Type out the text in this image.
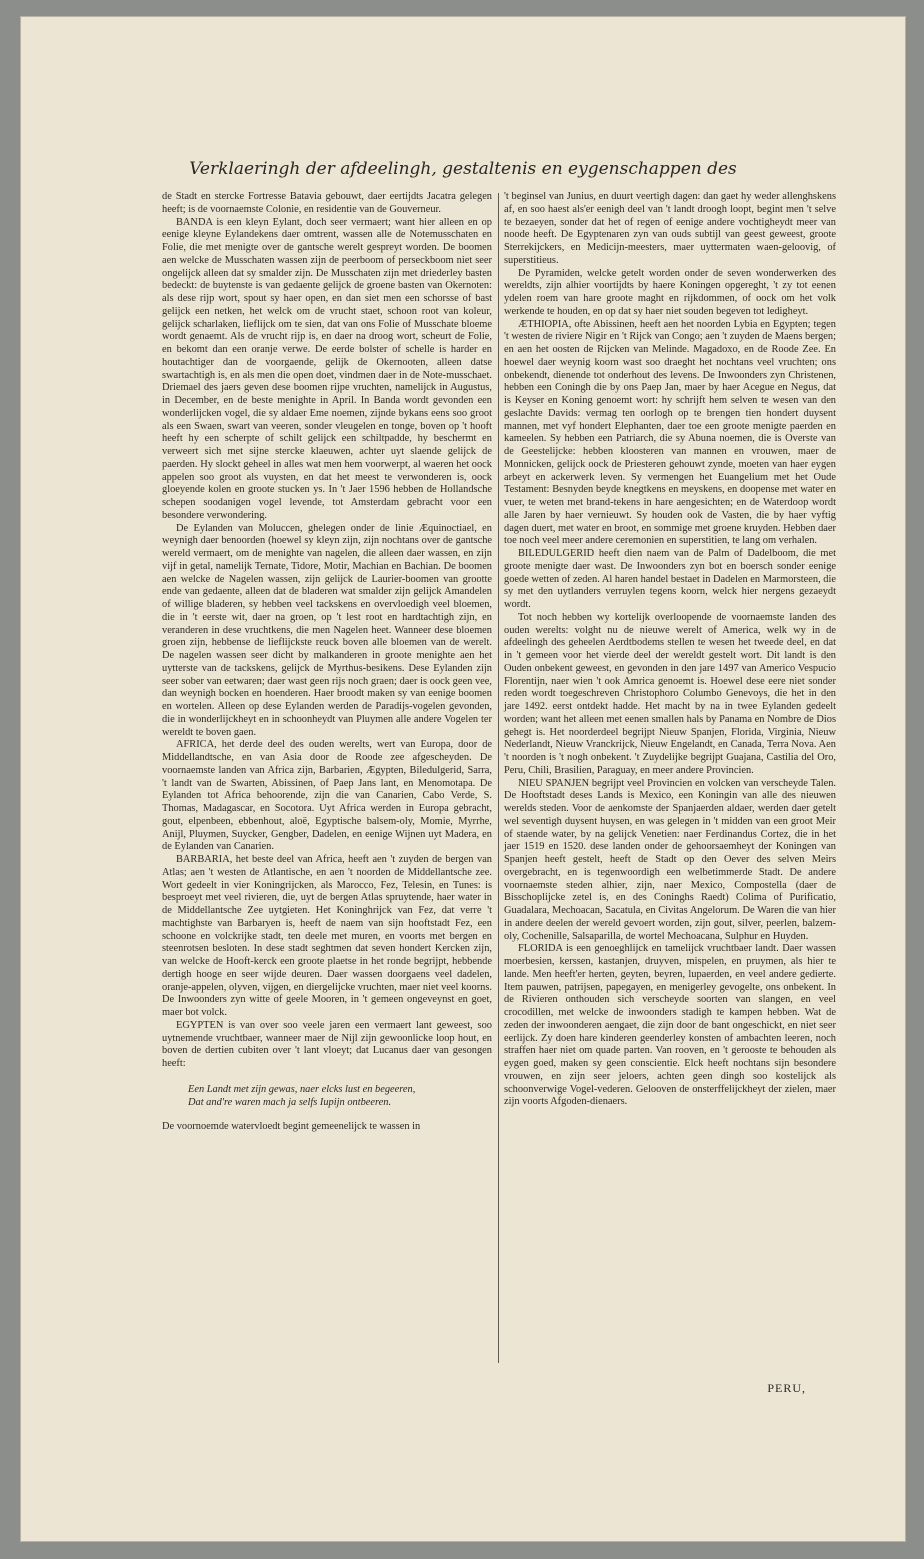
Verklaeringh der afdeelingh, gestaltenis en eygenschappen des

de Stadt en stercke Fortresse Batavia gebouwt, daer eertijdts Jacatra gelegen heeft; is de voornaemste Colonie, en residentie van de Gouverneur.

BANDA is een kleyn Eylant, doch seer vermaert; want hier alleen en op eenige kleyne Eylandekens daer omtrent, wassen alle de Notemusschaten en Folie, die met menigte over de gantsche werelt gespreyt worden. De boomen aen welcke de Musschaten wassen zijn de peerboom of perseckboom niet seer ongelijck alleen dat sy smalder zijn. De Musschaten zijn met driederley basten bedeckt: de buytenste is van gedaente gelijck de groene basten van Okernoten: als dese rijp wort, spout sy haer open, en dan siet men een schorsse of bast gelijck een netken, het welck om de vrucht staet, schoon root van koleur, gelijck scharlaken, lieflijck om te sien, dat van ons Folie of Musschate bloeme wordt genaemt. Als de vrucht rijp is, en daer na droog wort, scheurt de Folie, en bekomt dan een oranje verwe. De eerde bolster of schelle is harder en houtachtiger dan de voorgaende, gelijk de Okernooten, alleen datse swartachtigh is, en als men die open doet, vindmen daer in de Note-musschaet. Driemael des jaers geven dese boomen rijpe vruchten, namelijck in Augustus, in December, en de beste menighte in April. In Banda wordt gevonden een wonderlijcken vogel, die sy aldaer Eme noemen, zijnde bykans eens soo groot als een Swaen, swart van veeren, sonder vleugelen en tonge, boven op 't hooft heeft hy een scherpte of schilt gelijck een schiltpadde, hy beschermt en verweert sich met sijne stercke klaeuwen, achter uyt slaende gelijck de paerden. Hy slockt geheel in alles wat men hem voorwerpt, al waeren het oock appelen soo groot als vuysten, en dat het meest te verwonderen is, oock gloeyende kolen en groote stucken ys. In 't Jaer 1596 hebben de Hollandsche schepen soodanigen vogel levende, tot Amsterdam gebracht voor een besondere verwondering.

De Eylanden van Moluccen, ghelegen onder de linie Æquinoctiael, en weynigh daer benoorden (hoewel sy kleyn zijn, zijn nochtans over de gantsche wereld vermaert, om de menighte van nagelen, die alleen daer wassen, en zijn vijf in getal, namelijk Ternate, Tidore, Motir, Machian en Bachian. De boomen aen welcke de Nagelen wassen, zijn gelijck de Laurier-boomen van grootte ende van gedaente, alleen dat de bladeren wat smalder zijn gelijck Amandelen of willige bladeren, sy hebben veel tackskens en overvloedigh veel bloemen, die in 't eerste wit, daer na groen, op 't lest root en hardtachtigh zijn, en veranderen in dese vruchtkens, die men Nagelen heet. Wanneer dese bloemen groen zijn, hebbense de lieflijckste reuck boven alle bloemen van de werelt. De nagelen wassen seer dicht by malkanderen in groote menighte aen het uytterste van de tackskens, gelijck de Myrthus-besikens. Dese Eylanden zijn seer sober van eetwaren; daer wast geen rijs noch graen; daer is oock geen vee, dan weynigh bocken en hoenderen. Haer broodt maken sy van eenige boomen en wortelen. Alleen op dese Eylanden werden de Paradijs-vogelen gevonden, die in wonderlijckheyt en in schoonheydt van Pluymen alle andere Vogelen ter wereldt te boven gaen.

AFRICA, het derde deel des ouden werelts, wert van Europa, door de Middellandtsche, en van Asia door de Roode zee afgescheyden. De voornaemste landen van Africa zijn, Barbarien, Ægypten, Biledulgerid, Sarra, 't landt van de Swarten, Abissinen, of Paep Jans lant, en Menomotapa. De Eylanden tot Africa behoorende, zijn die van Canarien, Cabo Verde, S. Thomas, Madagascar, en Socotora. Uyt Africa werden in Europa gebracht, gout, elpenbeen, ebbenhout, aloë, Egyptische balsem-oly, Momie, Myrrhe, Anijl, Pluymen, Suycker, Gengber, Dadelen, en eenige Wijnen uyt Madera, en de Eylanden van Canarien.

BARBARIA, het beste deel van Africa, heeft aen 't zuyden de bergen van Atlas; aen 't westen de Atlantische, en aen 't noorden de Middellantsche zee. Wort gedeelt in vier Koningrijcken, als Marocco, Fez, Telesin, en Tunes: is besproeyt met veel rivieren, die, uyt de bergen Atlas spruytende, haer water in de Middellantsche Zee uytgieten. Het Koninghrijck van Fez, dat verre 't machtighste van Barbaryen is, heeft de naem van sijn hooftstadt Fez, een schoone en volckrijke stadt, ten deele met muren, en voorts met bergen en steenrotsen besloten. In dese stadt seghtmen dat seven hondert Kercken zijn, van welcke de Hooft-kerck een groote plaetse in het ronde begrijpt, hebbende dertigh hooge en seer wijde deuren. Daer wassen doorgaens veel dadelen, oranje-appelen, olyven, vijgen, en diergelijcke vruchten, maer niet veel koorns. De Inwoonders zyn witte of geele Mooren, in 't gemeen ongeveynst en goet, maer bot volck.

EGYPTEN is van over soo veele jaren een vermaert lant geweest, soo uytnemende vruchtbaer, wanneer maer de Nijl zijn gewoonlicke loop hout, en boven de dertien cubiten over 't lant vloeyt; dat Lucanus daer van gesongen heeft:

Een Landt met zijn gewas, naer elcks lust en begeeren,
Dat and're waren mach ja selfs Iupijn ontbeeren.

De voornoemde watervloedt begint gemeenelijck te wassen in

't beginsel van Junius, en duurt veertigh dagen: dan gaet hy weder allenghskens af, en soo haest als'er eenigh deel van 't landt droogh loopt, begint men 't selve te bezaeyen, sonder dat het of regen of eenige andere vochtigheydt meer van noode heeft. De Egyptenaren zyn van ouds subtijl van geest geweest, groote Sterrekijckers, en Medicijn-meesters, maer uyttermaten waen-geloovig, of superstitieus.

De Pyramiden, welcke getelt worden onder de seven wonderwerken des wereldts, zijn alhier voortijdts by haere Koningen opgereght, 't zy tot eenen ydelen roem van hare groote maght en rijkdommen, of oock om het volk werkende te houden, en op dat sy haer niet souden begeven tot ledigheyt.

ÆTHIOPIA, ofte Abissinen, heeft aen het noorden Lybia en Egypten; tegen 't westen de riviere Nigir en 't Rijck van Congo; aen 't zuyden de Maens bergen; en aen het oosten de Rijcken van Melinde. Magadoxo, en de Roode Zee. En hoewel daer weynig koorn wast soo draeght het nochtans veel vruchten; ons onbekendt, dienende tot onderhout des levens. De Inwoonders zyn Christenen, hebben een Coningh die by ons Paep Jan, maer by haer Acegue en Negus, dat is Keyser en Koning genoemt wort: hy schrijft hem selven te wesen van den geslachte Davids: vermag ten oorlogh op te brengen tien hondert duysent mannen, met vyf hondert Elephanten, daer toe een groote menigte paerden en kameelen. Sy hebben een Patriarch, die sy Abuna noemen, die is Overste van de Geestelijcke: hebben kloosteren van mannen en vrouwen, maer de Monnicken, gelijck oock de Priesteren gehouwt zynde, moeten van haer eygen arbeyt en ackerwerk leven. Sy vermengen het Euangelium met het Oude Testament: Besnyden beyde knegtkens en meyskens, en doopense met water en vuer, te weten met brand-tekens in hare aengesichten; en de Waterdoop wordt alle Jaren by haer vernieuwt. Sy houden ook de Vasten, die by haer vyftig dagen duert, met water en broot, en sommige met groene kruyden. Hebben daer toe noch veel meer andere ceremonien en superstitien, te lang om verhalen.

BILEDULGERID heeft dien naem van de Palm of Dadelboom, die met groote menigte daer wast. De Inwoonders zyn bot en boersch sonder eenige goede wetten of zeden. Al haren handel bestaet in Dadelen en Marmorsteen, die sy met den uytlanders verruylen tegens koorn, welck hier nergens gezaeydt wordt.

Tot noch hebben wy kortelijk overloopende de voornaemste landen des ouden werelts: volght nu de nieuwe werelt of America, welk wy in de afdeelingh des geheelen Aerdtbodems stellen te wesen het tweede deel, en dat in 't gemeen voor het vierde deel der wereldt gestelt wort. Dit landt is den Ouden onbekent geweest, en gevonden in den jare 1497 van Americo Vespucio Florentijn, naer wien 't ook Amrica genoemt is. Hoewel dese eere niet sonder reden wordt toegeschreven Christophoro Columbo Genevoys, die het in den jare 1492. eerst ontdekt hadde. Het macht by na in twee Eylanden gedeelt worden; want het alleen met eenen smallen hals by Panama en Nombre de Dios gehegt is. Het noorderdeel begrijpt Nieuw Spanjen, Florida, Virginia, Nieuw Nederlandt, Nieuw Vranckrijck, Nieuw Engelandt, en Canada, Terra Nova. Aen 't noorden is 't nogh onbekent. 't Zuydelijke begrijpt Guajana, Castilia del Oro, Peru, Chili, Brasilien, Paraguay, en meer andere Provincien.

NIEU SPANJEN begrijpt veel Provincien en volcken van verscheyde Talen. De Hooftstadt deses Lands is Mexico, een Koningin van alle des nieuwen werelds steden. Voor de aenkomste der Spanjaerden aldaer, werden daer getelt wel seventigh duysent huysen, en was gelegen in 't midden van een groot Meir of staende water, by na gelijck Venetien: naer Ferdinandus Cortez, die in het jaer 1519 en 1520. dese landen onder de gehoorsaemheyt der Koningen van Spanjen heeft gestelt, heeft de Stadt op den Oever des selven Meirs overgebracht, en is tegenwoordigh een welbetimmerde Stadt. De andere voornaemste steden alhier, zijn, naer Mexico, Compostella (daer de Bisschoplijcke zetel is, en des Coninghs Raedt) Colima of Purificatio, Guadalara, Mechoacan, Sacatula, en Civitas Angelorum. De Waren die van hier in andere deelen der wereld gevoert worden, zijn gout, silver, peerlen, balzem-oly, Cochenille, Salsaparilla, de wortel Mechoacana, Sulphur en Huyden.

FLORIDA is een genoeghlijck en tamelijck vruchtbaer landt. Daer wassen moerbesien, kerssen, kastanjen, druyven, mispelen, en pruymen, als hier te lande. Men heeft'er herten, geyten, beyren, lupaerden, en veel andere gedierte. Item pauwen, patrijsen, papegayen, en menigerley gevogelte, ons onbekent. In de Rivieren onthouden sich verscheyde soorten van slangen, en veel crocodillen, met welcke de inwoonders stadigh te kampen hebben. Wat de zeden der inwoonderen aengaet, die zijn door de bant ongeschickt, en niet seer eerlijck. Zy doen hare kinderen geenderley konsten of ambachten leeren, noch straffen haer niet om quade parten. Van rooven, en 't gerooste te behouden als eygen goed, maken sy geen conscientie. Elck heeft nochtans sijn besondere vrouwen, en zijn seer jeloers, achten geen dingh soo kostelijck als schoonverwige Vogel-vederen. Gelooven de onsterffelijckheyt der zielen, maer zijn voorts Afgoden-dienaers.

PERU,
